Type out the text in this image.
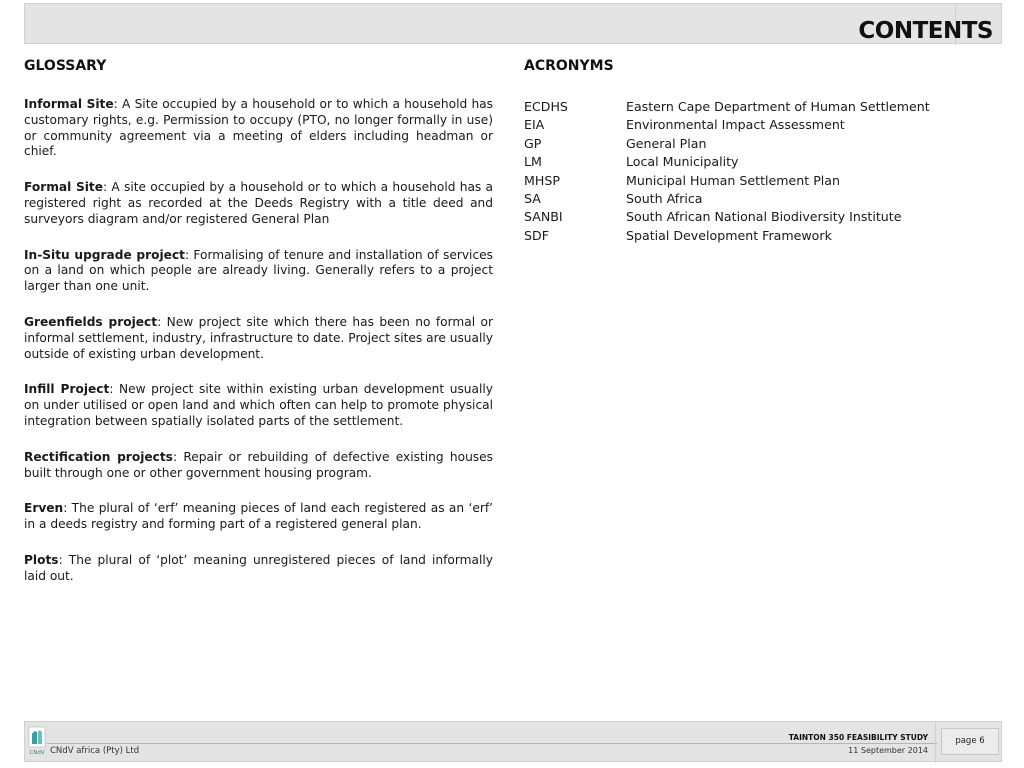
CONTENTS
GLOSSARY

Informal Site: A Site occupied by a household or to which a household has customary rights, e.g. Permission to occupy (PTO, no longer formally in use) or community agreement via a meeting of elders including headman or chief.

Formal Site: A site occupied by a household or to which a household has a registered right as recorded at the Deeds Registry with a title deed and surveyors diagram and/or registered General Plan

In-Situ upgrade project: Formalising of tenure and installation of services on a land on which people are already living. Generally refers to a project larger than one unit.

Greenfields project: New project site which there has been no formal or informal settlement, industry, infrastructure to date. Project sites are usually outside of existing urban development.

Infill Project: New project site within existing urban development usually on under utilised or open land and which often can help to promote physical integration between spatially isolated parts of the settlement.

Rectification projects: Repair or rebuilding of defective existing houses built through one or other government housing program.

Erven: The plural of ‘erf’ meaning pieces of land each registered as an ‘erf’ in a deeds registry and forming part of a registered general plan.

Plots: The plural of ‘plot’ meaning unregistered pieces of land informally laid out.

ACRONYMS
ECDHS	Eastern Cape Department of Human Settlement
EIA	Environmental Impact Assessment
GP	General Plan
LM	Local Municipality
MHSP	Municipal Human Settlement Plan
SA	South Africa
SANBI	South African National Biodiversity Institute
SDF	Spatial Development Framework
CNdV CNdV africa (Pty) Ltd
TAINTON 350 FEASIBILITY STUDY
11 September 2014
page 6
